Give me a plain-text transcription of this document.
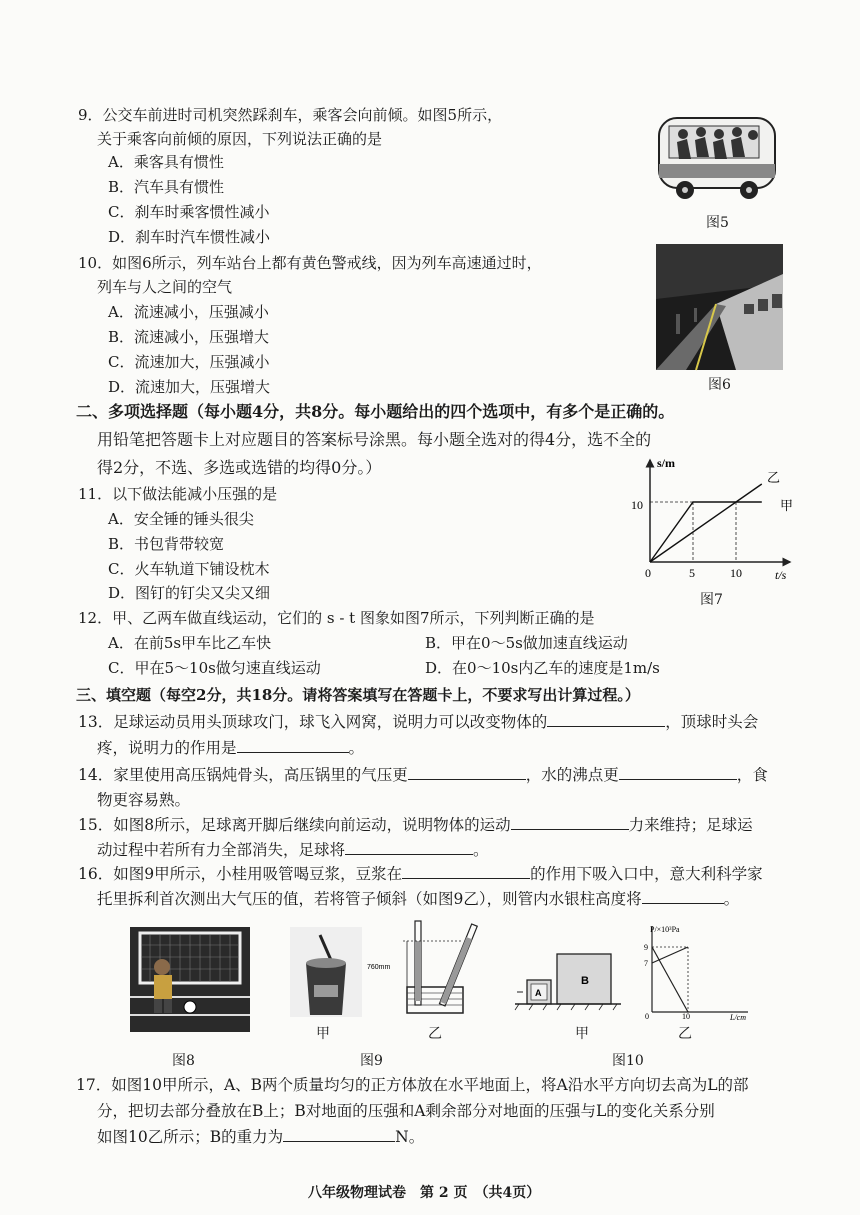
9．公交车前进时司机突然踩刹车，乘客会向前倾。如图5所示，
关于乘客向前倾的原因，下列说法正确的是
A．乘客具有惯性
B．汽车具有惯性
C．刹车时乘客惯性减小
D．刹车时汽车惯性减小
图5
10．如图6所示，列车站台上都有黄色警戒线，因为列车高速通过时，
列车与人之间的空气
A．流速减小，压强减小
B．流速减小，压强增大
C．流速加大，压强减小
D．流速加大，压强增大	图6
二、多项选择题（每小题4分，共8分。每小题给出的四个选项中，有多个是正确的。
用铅笔把答题卡上对应题目的答案标号涂黑。每小题全选对的得4分，选不全的
得2分，不选、多选或选错的均得0分。）
11．以下做法能减小压强的是
A．安全锤的锤头很尖
B．书包背带较宽
C．火车轨道下铺设枕木
D．图钉的钉尖又尖又细
s/m
t/s
10
0	5	10
乙
甲
图7
12．甲、乙两车做直线运动，它们的 s - t 图象如图7所示，下列判断正确的是
A．在前5s甲车比乙车快	B．甲在0～5s做加速直线运动
C．甲在5～10s做匀速直线运动	D．在0～10s内乙车的速度是1m/s
三、填空题（每空2分，共18分。请将答案填写在答题卡上，不要求写出计算过程。）
13．足球运动员用头顶球攻门，球飞入网窝，说明力可以改变物体的	，顶球时头会
疼，说明力的作用是	。
14．家里使用高压锅炖骨头，高压锅里的气压更	，水的沸点更	，食
物更容易熟。
15．如图8所示，足球离开脚后继续向前运动，说明物体的运动	力来维持；足球运
动过程中若所有力全部消失，足球将	。
16．如图9甲所示，小桂用吸管喝豆浆，豆浆在	的作用下吸入口中，意大利科学家
托里拆利首次测出大气压的值，若将管子倾斜（如图9乙），则管内水银柱高度将	。
图8
甲
760mm
乙
图9
B
A
甲
P/×10³Pa
L/cm
9
7
0	10
乙
图10
17．如图10甲所示，A、B两个质量均匀的正方体放在水平地面上，将A沿水平方向切去高为L的部
分，把切去部分叠放在B上；B对地面的压强和A剩余部分对地面的压强与L的变化关系分别
如图10乙所示；B的重力为	N。
八年级物理试卷　第 2 页　（共4页）
